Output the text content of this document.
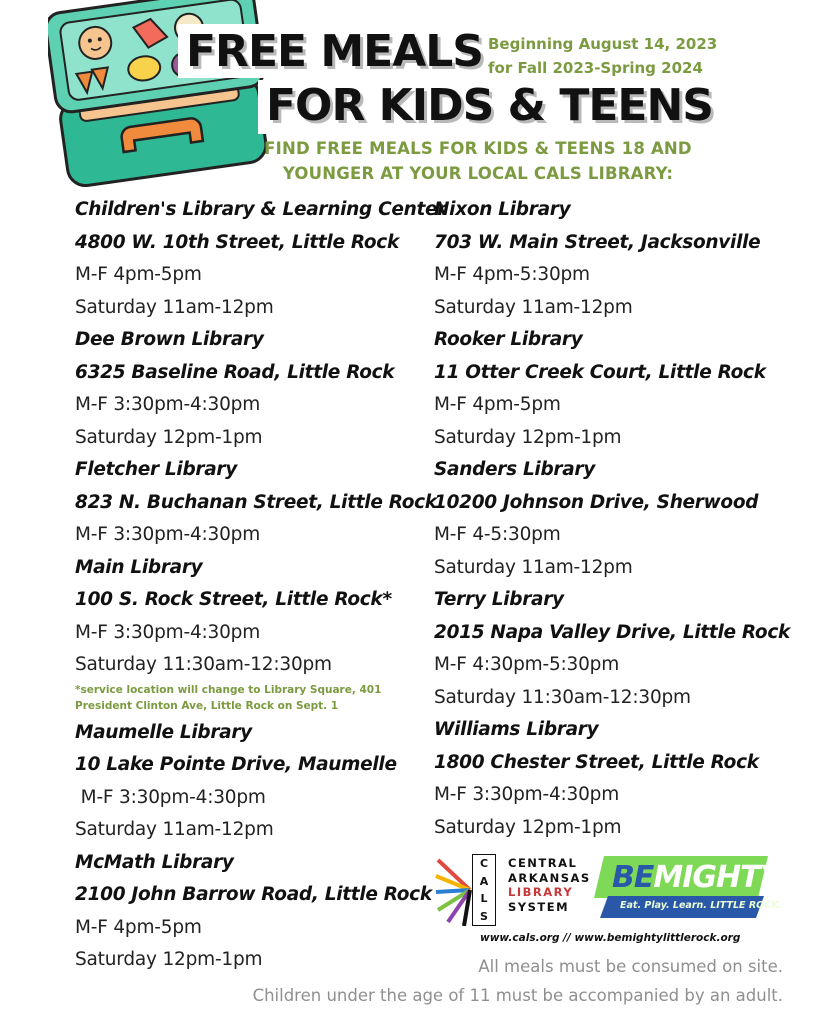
FREE MEALS
FOR KIDS & TEENS
Beginning August 14, 2023
for Fall 2023-Spring 2024
FIND FREE MEALS FOR KIDS & TEENS 18 AND
YOUNGER AT YOUR LOCAL CALS LIBRARY:
Children's Library & Learning Center
4800 W. 10th Street, Little Rock
M-F 4pm-5pm
Saturday 11am-12pm
Dee Brown Library
6325 Baseline Road, Little Rock
M-F 3:30pm-4:30pm
Saturday 12pm-1pm
Fletcher Library
823 N. Buchanan Street, Little Rock
M-F 3:30pm-4:30pm
Main Library
100 S. Rock Street, Little Rock*
M-F 3:30pm-4:30pm
Saturday 11:30am-12:30pm
*service location will change to Library Square, 401
President Clinton Ave, Little Rock on Sept. 1
Maumelle Library
10 Lake Pointe Drive, Maumelle
M-F 3:30pm-4:30pm
Saturday 11am-12pm
McMath Library
2100 John Barrow Road, Little Rock
M-F 4pm-5pm
Saturday 12pm-1pm
Nixon Library
703 W. Main Street, Jacksonville
M-F 4pm-5:30pm
Saturday 11am-12pm
Rooker Library
11 Otter Creek Court, Little Rock
M-F 4pm-5pm
Saturday 12pm-1pm
Sanders Library
10200 Johnson Drive, Sherwood
M-F 4-5:30pm
Saturday 11am-12pm
Terry Library
2015 Napa Valley Drive, Little Rock
M-F 4:30pm-5:30pm
Saturday 11:30am-12:30pm
Williams Library
1800 Chester Street, Little Rock
M-F 3:30pm-4:30pm
Saturday 12pm-1pm
C
A
L
S
CENTRAL
ARKANSAS
LIBRARY
SYSTEM
BEMIGHTY
Eat. Play. Learn. LITTLE ROCK.
www.cals.org // www.bemightylittlerock.org
All meals must be consumed on site.
Children under the age of 11 must be accompanied by an adult.
